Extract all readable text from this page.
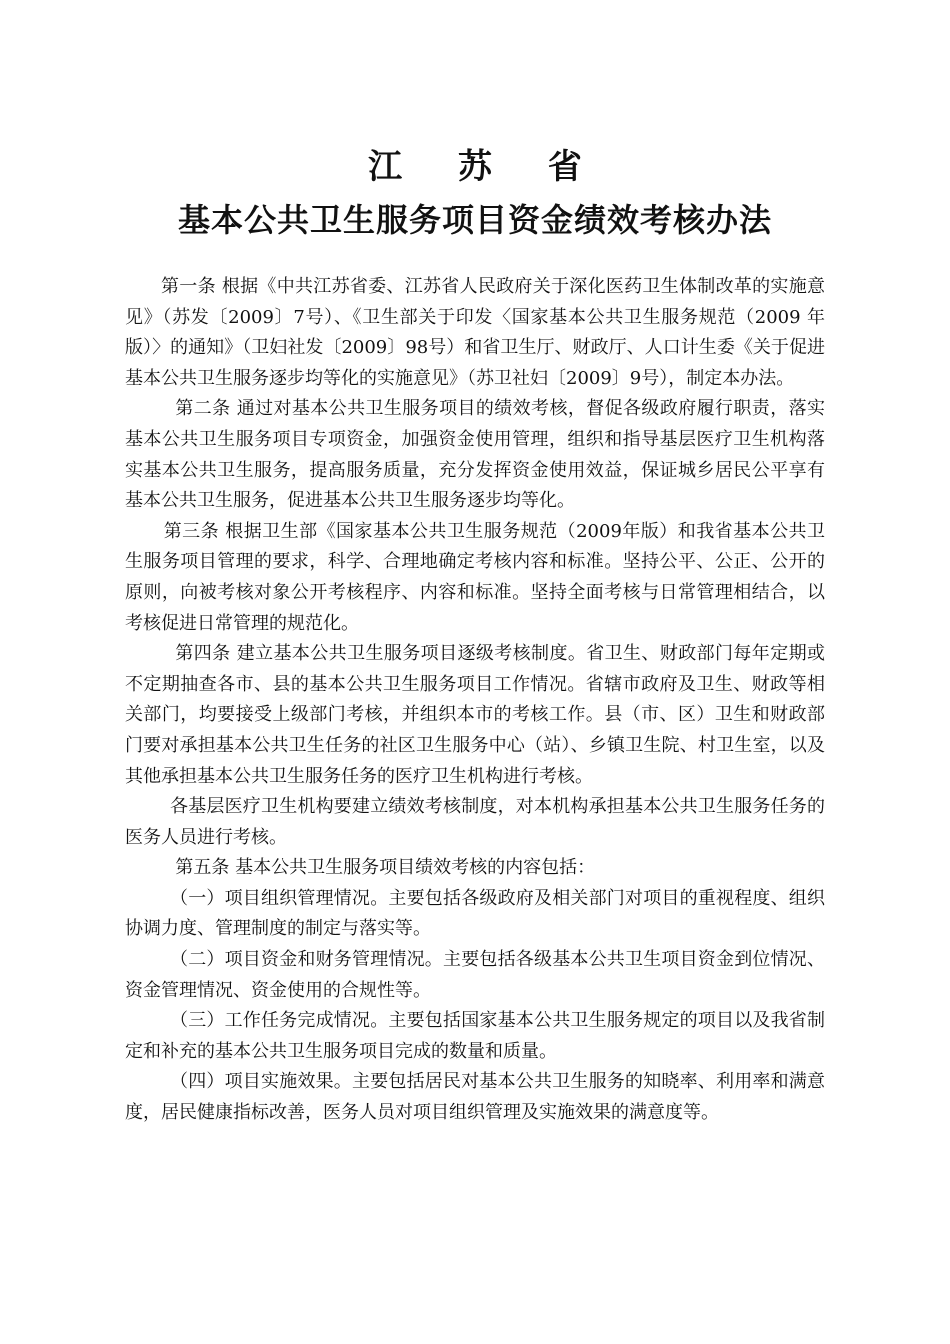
江 苏 省

基本公共卫生服务项目资金绩效考核办法

第一条 根据《中共江苏省委、江苏省人民政府关于深化医药卫生体制改革的实施意见》（苏发〔2009〕7号）、《卫生部关于印发〈国家基本公共卫生服务规范（2009 年版）〉的通知》（卫妇社发〔2009〕98号）和省卫生厅、财政厅、人口计生委《关于促进基本公共卫生服务逐步均等化的实施意见》（苏卫社妇〔2009〕9号），制定本办法。

第二条 通过对基本公共卫生服务项目的绩效考核，督促各级政府履行职责，落实基本公共卫生服务项目专项资金，加强资金使用管理，组织和指导基层医疗卫生机构落实基本公共卫生服务，提高服务质量，充分发挥资金使用效益，保证城乡居民公平享有基本公共卫生服务，促进基本公共卫生服务逐步均等化。

第三条 根据卫生部《国家基本公共卫生服务规范（2009年版）和我省基本公共卫生服务项目管理的要求，科学、合理地确定考核内容和标准。坚持公平、公正、公开的原则，向被考核对象公开考核程序、内容和标准。坚持全面考核与日常管理相结合，以考核促进日常管理的规范化。

第四条 建立基本公共卫生服务项目逐级考核制度。省卫生、财政部门每年定期或不定期抽查各市、县的基本公共卫生服务项目工作情况。省辖市政府及卫生、财政等相关部门，均要接受上级部门考核，并组织本市的考核工作。县（市、区）卫生和财政部门要对承担基本公共卫生任务的社区卫生服务中心（站）、乡镇卫生院、村卫生室，以及其他承担基本公共卫生服务任务的医疗卫生机构进行考核。

各基层医疗卫生机构要建立绩效考核制度，对本机构承担基本公共卫生服务任务的医务人员进行考核。

第五条 基本公共卫生服务项目绩效考核的内容包括：

（一）项目组织管理情况。主要包括各级政府及相关部门对项目的重视程度、组织协调力度、管理制度的制定与落实等。

（二）项目资金和财务管理情况。主要包括各级基本公共卫生项目资金到位情况、资金管理情况、资金使用的合规性等。

（三）工作任务完成情况。主要包括国家基本公共卫生服务规定的项目以及我省制定和补充的基本公共卫生服务项目完成的数量和质量。

（四）项目实施效果。主要包括居民对基本公共卫生服务的知晓率、利用率和满意度，居民健康指标改善，医务人员对项目组织管理及实施效果的满意度等。
